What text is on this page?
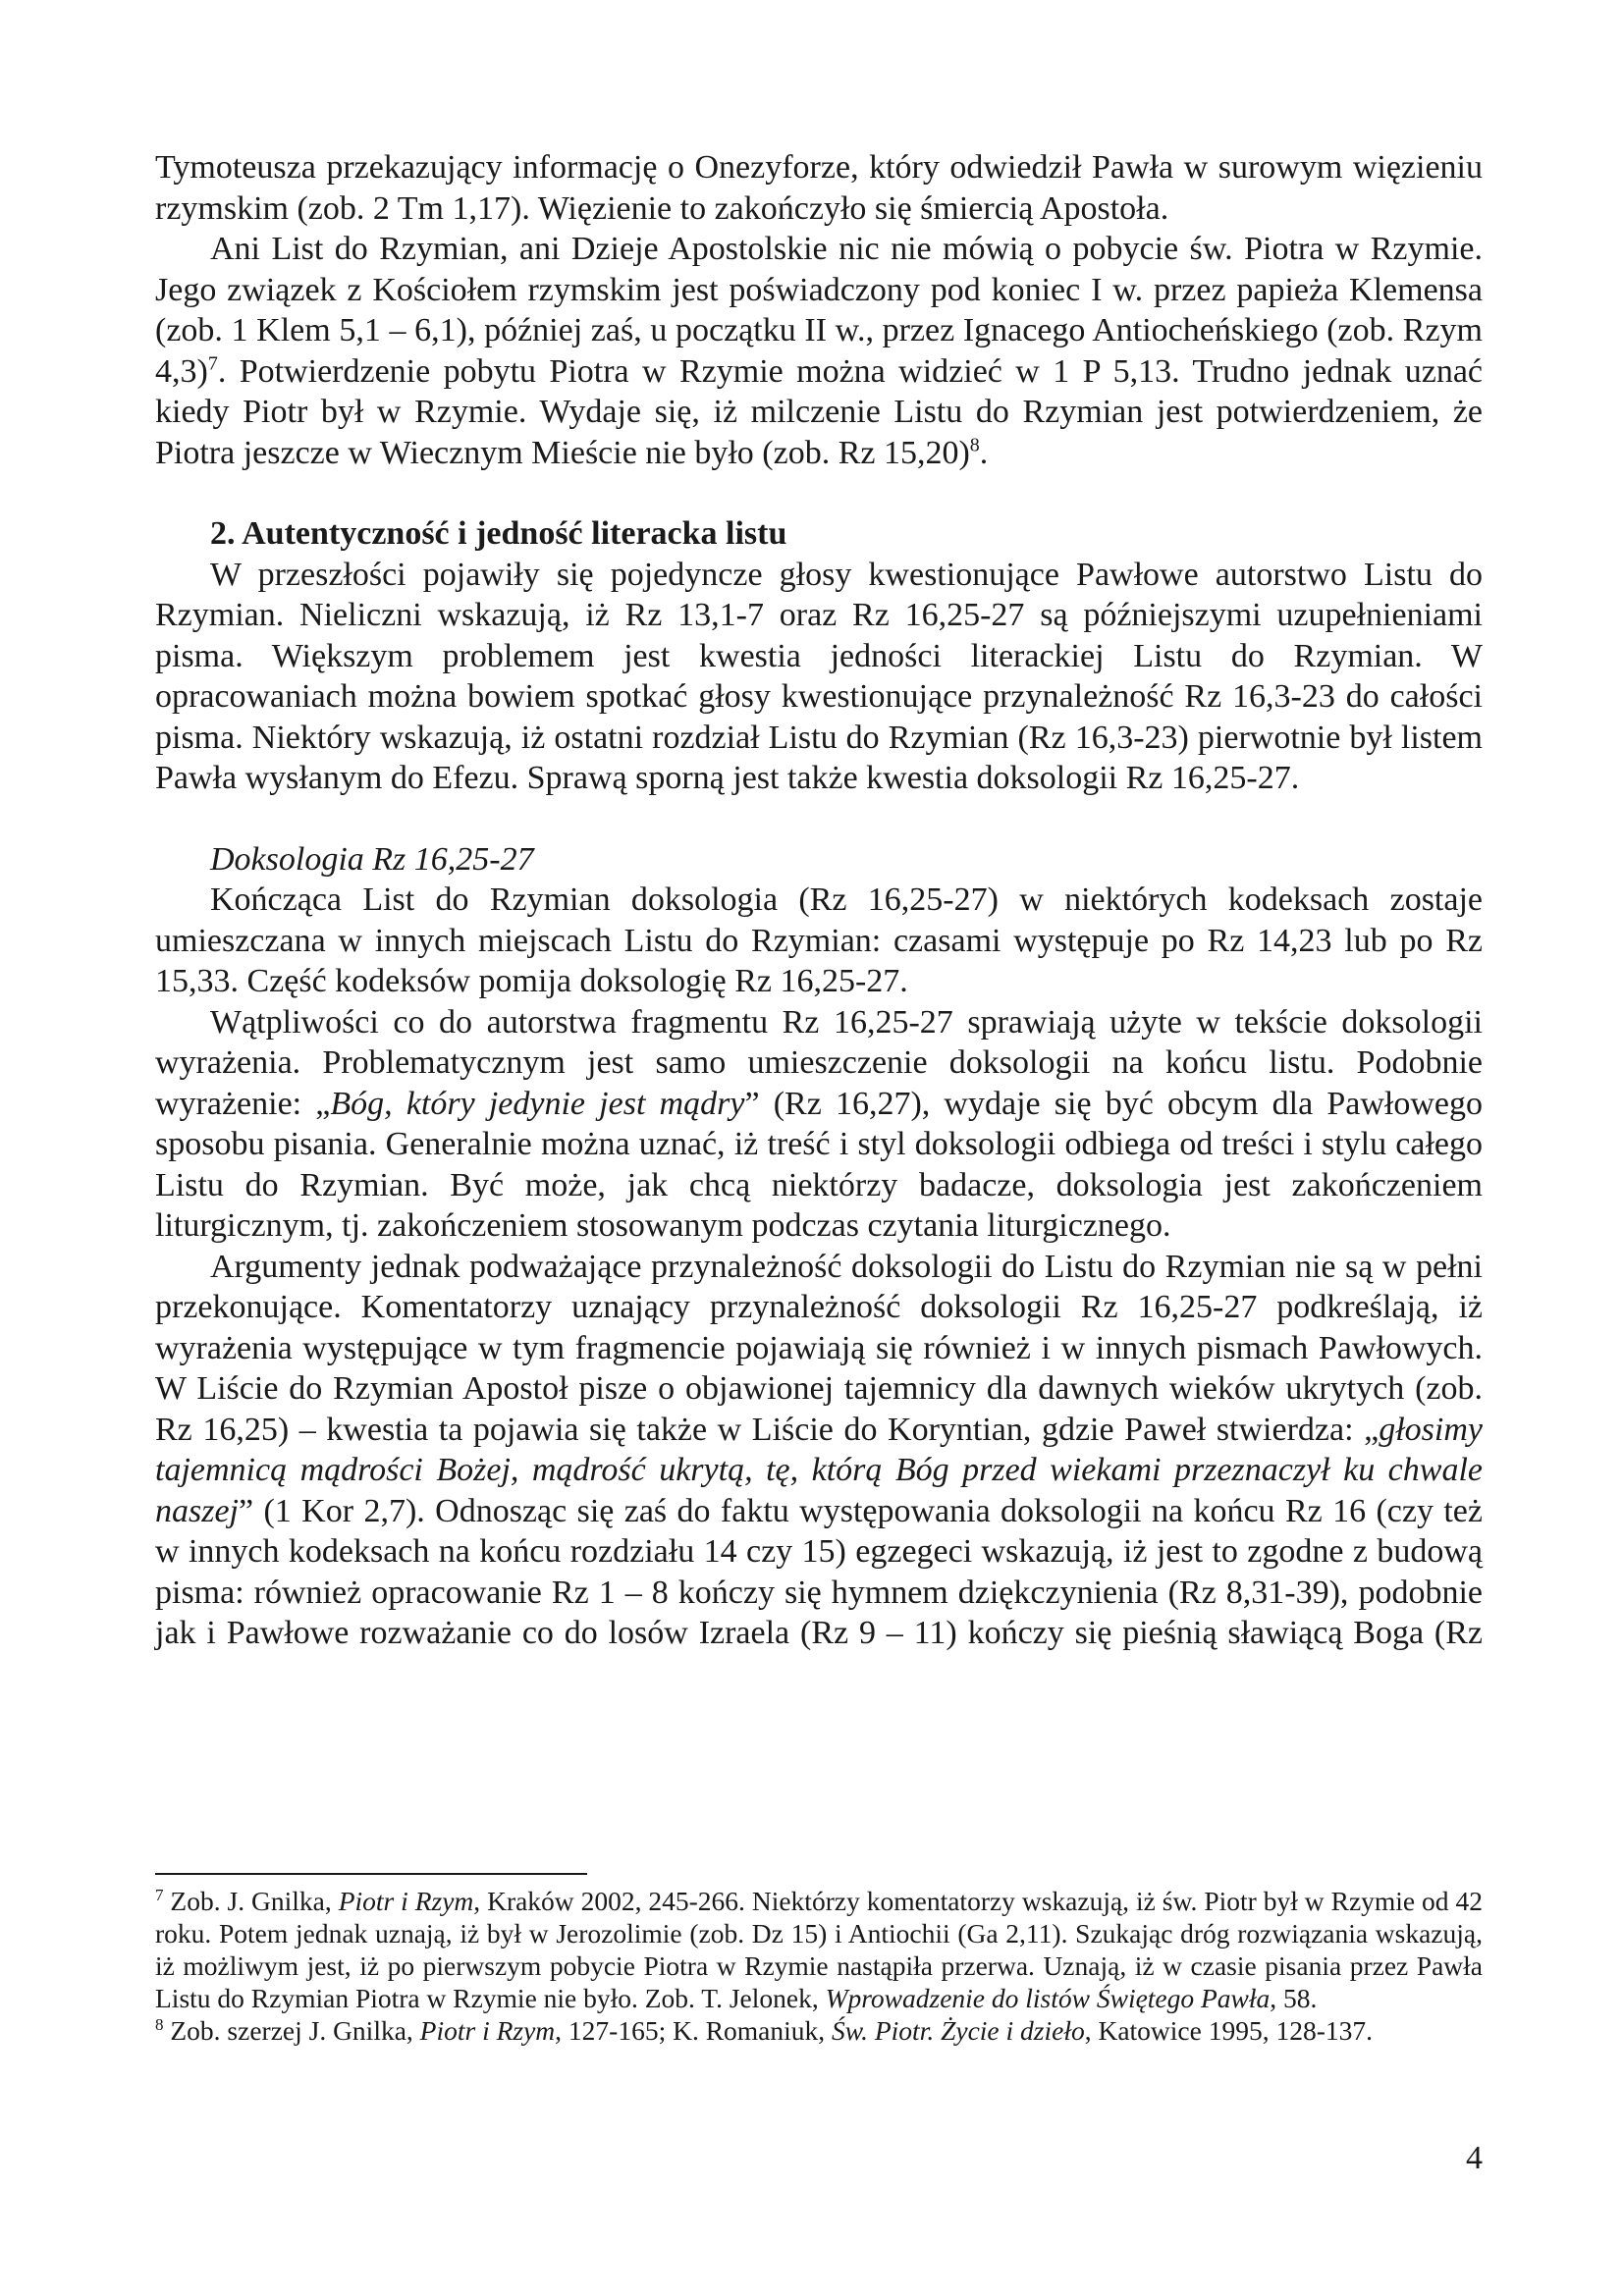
Tymoteusza przekazujący informację o Onezyforze, który odwiedził Pawła w surowym więzieniu rzymskim (zob. 2 Tm 1,17). Więzienie to zakończyło się śmiercią Apostoła.

Ani List do Rzymian, ani Dzieje Apostolskie nic nie mówią o pobycie św. Piotra w Rzymie. Jego związek z Kościołem rzymskim jest poświadczony pod koniec I w. przez papieża Klemensa (zob. 1 Klem 5,1 – 6,1), później zaś, u początku II w., przez Ignacego Antiocheńskiego (zob. Rzym 4,3)$^7$. Potwierdzenie pobytu Piotra w Rzymie można widzieć w 1 P 5,13. Trudno jednak uznać kiedy Piotr był w Rzymie. Wydaje się, iż milczenie Listu do Rzymian jest potwierdzeniem, że Piotra jeszcze w Wiecznym Mieście nie było (zob. Rz 15,20)$^8$.

2. Autentyczność i jedność literacka listu

W przeszłości pojawiły się pojedyncze głosy kwestionujące Pawłowe autorstwo Listu do Rzymian. Nieliczni wskazują, iż Rz 13,1-7 oraz Rz 16,25-27 są późniejszymi uzupełnieniami pisma. Większym problemem jest kwestia jedności literackiej Listu do Rzymian. W opracowaniach można bowiem spotkać głosy kwestionujące przynależność Rz 16,3-23 do całości pisma. Niektóry wskazują, iż ostatni rozdział Listu do Rzymian (Rz 16,3-23) pierwotnie był listem Pawła wysłanym do Efezu. Sprawą sporną jest także kwestia doksologii Rz 16,25-27.

Doksologia Rz 16,25-27

Kończąca List do Rzymian doksologia (Rz 16,25-27) w niektórych kodeksach zostaje umieszczana w innych miejscach Listu do Rzymian: czasami występuje po Rz 14,23 lub po Rz 15,33. Część kodeksów pomija doksologię Rz 16,25-27.

Wątpliwości co do autorstwa fragmentu Rz 16,25-27 sprawiają użyte w tekście doksologii wyrażenia. Problematycznym jest samo umieszczenie doksologii na końcu listu. Podobnie wyrażenie: „Bóg, który jedynie jest mądry” (Rz 16,27), wydaje się być obcym dla Pawłowego sposobu pisania. Generalnie można uznać, iż treść i styl doksologii odbiega od treści i stylu całego Listu do Rzymian. Być może, jak chcą niektórzy badacze, doksologia jest zakończeniem liturgicznym, tj. zakończeniem stosowanym podczas czytania liturgicznego.

Argumenty jednak podważające przynależność doksologii do Listu do Rzymian nie są w pełni przekonujące. Komentatorzy uznający przynależność doksologii Rz 16,25-27 podkreślają, iż wyrażenia występujące w tym fragmencie pojawiają się również i w innych pismach Pawłowych. W Liście do Rzymian Apostoł pisze o objawionej tajemnicy dla dawnych wieków ukrytych (zob. Rz 16,25) – kwestia ta pojawia się także w Liście do Koryntian, gdzie Paweł stwierdza: „głosimy tajemnicą mądrości Bożej, mądrość ukrytą, tę, którą Bóg przed wiekami przeznaczył ku chwale naszej” (1 Kor 2,7). Odnosząc się zaś do faktu występowania doksologii na końcu Rz 16 (czy też w innych kodeksach na końcu rozdziału 14 czy 15) egzegeci wskazują, iż jest to zgodne z budową pisma: również opracowanie Rz 1 – 8 kończy się hymnem dziękczynienia (Rz 8,31-39), podobnie jak i Pawłowe rozważanie co do losów Izraela (Rz 9 – 11) kończy się pieśnią sławiącą Boga (Rz

$^7$ Zob. J. Gnilka, Piotr i Rzym, Kraków 2002, 245-266. Niektórzy komentatorzy wskazują, iż św. Piotr był w Rzymie od 42 roku. Potem jednak uznają, iż był w Jerozolimie (zob. Dz 15) i Antiochii (Ga 2,11). Szukając dróg rozwiązania wskazują, iż możliwym jest, iż po pierwszym pobycie Piotra w Rzymie nastąpiła przerwa. Uznają, iż w czasie pisania przez Pawła Listu do Rzymian Piotra w Rzymie nie było. Zob. T. Jelonek, Wprowadzenie do listów Świętego Pawła, 58.

$^8$ Zob. szerzej J. Gnilka, Piotr i Rzym, 127-165; K. Romaniuk, Św. Piotr. Życie i dzieło, Katowice 1995, 128-137.

4
